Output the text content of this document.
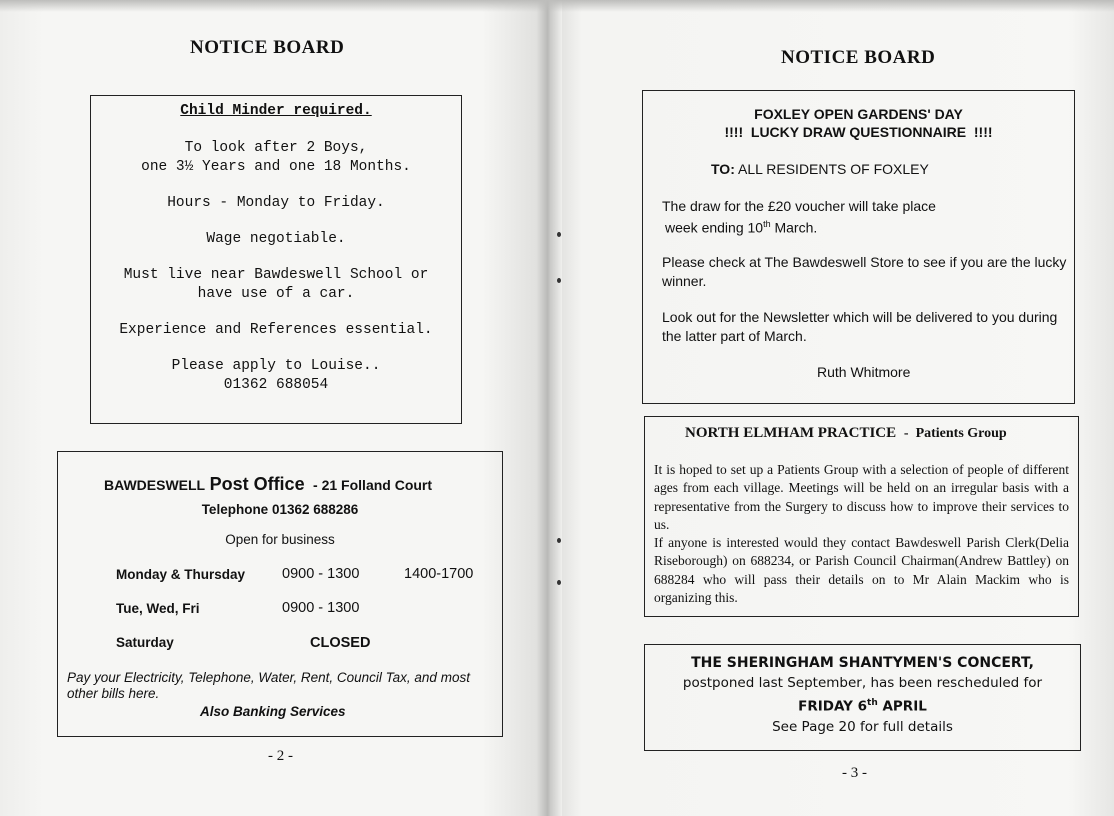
NOTICE BOARD

Child Minder required.

To look after 2 Boys,

one 3½ Years and one 18 Months.

Hours - Monday to Friday.

Wage negotiable.

Must live near Bawdeswell School or

have use of a car.

Experience and References essential.

Please apply to Louise..

01362 688054

BAWDESWELL Post Office - 21 Folland Court
Telephone 01362 688286
Open for business
Monday & Thursday	0900 - 1300	1400-1700
Tue, Wed, Fri	0900 - 1300
Saturday	CLOSED
Pay your Electricity, Telephone, Water, Rent, Council Tax, and most other bills here.
Also Banking Services
- 2 -
NOTICE BOARD
FOXLEY OPEN GARDENS' DAY
!!!!  LUCKY DRAW QUESTIONNAIRE  !!!!
TO: ALL RESIDENTS OF FOXLEY
The draw for the £20 voucher will take place
week ending 10th March.
Please check at The Bawdeswell Store to see if you are the lucky winner.
Look out for the Newsletter which will be delivered to you during the latter part of March.
Ruth Whitmore
NORTH ELMHAM PRACTICE -  Patients Group
It is hoped to set up a Patients Group with a selection of people of different ages from each village. Meetings will be held on an irregular basis with a representative from the Surgery to discuss how to improve their services to us.
If anyone is interested would they contact Bawdeswell Parish Clerk(Delia Riseborough) on 688234, or Parish Council Chairman(Andrew Battley) on 688284 who will pass their details on to Mr Alain Mackim who is organizing this.
THE SHERINGHAM SHANTYMEN'S CONCERT,
postponed last September, has been rescheduled for
FRIDAY 6th APRIL
See Page 20 for full details
- 3 -
